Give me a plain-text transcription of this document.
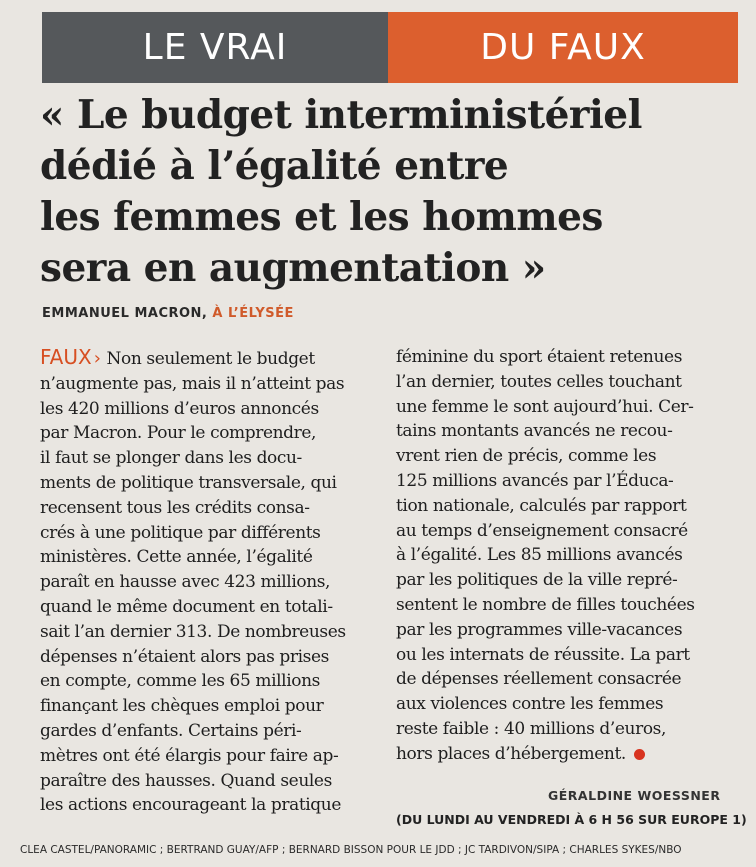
LE VRAI	DU FAUX
« Le budget interministériel
dédié à l’égalité entre
les femmes et les hommes
sera en augmentation »
EMMANUEL MACRON, À L’ÉLYSÉE
FAUX › Non seulement le budget
n’augmente pas, mais il n’atteint pas
les 420 millions d’euros annoncés
par Macron. Pour le comprendre,
il faut se plonger dans les docu-
ments de politique transversale, qui
recensent tous les crédits consa-
crés à une politique par différents
ministères. Cette année, l’égalité
paraît en hausse avec 423 millions,
quand le même document en totali-
sait l’an dernier 313. De nombreuses
dépenses n’étaient alors pas prises
en compte, comme les 65 millions
finançant les chèques emploi pour
gardes d’enfants. Certains péri-
mètres ont été élargis pour faire ap-
paraître des hausses. Quand seules
les actions encourageant la pratique
féminine du sport étaient retenues
l’an dernier, toutes celles touchant
une femme le sont aujourd’hui. Cer-
tains montants avancés ne recou-
vrent rien de précis, comme les
125 millions avancés par l’Éduca-
tion nationale, calculés par rapport
au temps d’enseignement consacré
à l’égalité. Les 85 millions avancés
par les politiques de la ville repré-
sentent le nombre de filles touchées
par les programmes ville-vacances
ou les internats de réussite. La part
de dépenses réellement consacrée
aux violences contre les femmes
reste faible : 40 millions d’euros,
hors places d’hébergement.
GÉRALDINE WOESSNER
(DU LUNDI AU VENDREDI À 6 H 56 SUR EUROPE 1)
CLEA CASTEL/PANORAMIC ; BERTRAND GUAY/AFP ; BERNARD BISSON POUR LE JDD ; JC TARDIVON/SIPA ; CHARLES SYKES/NBO
